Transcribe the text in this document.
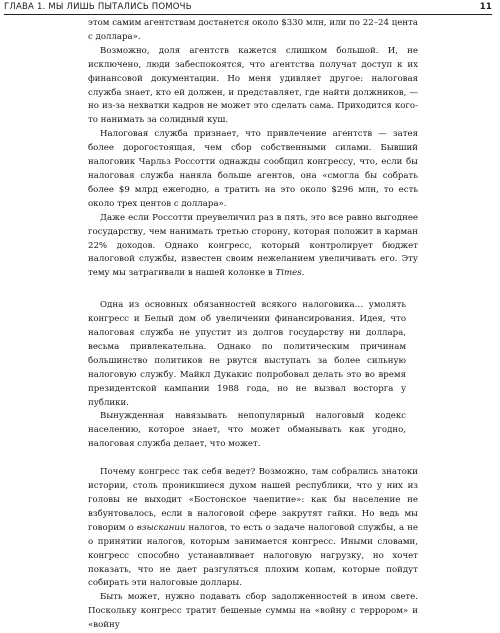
ГЛАВА 1. МЫ ЛИШЬ ПЫТАЛИСЬ ПОМОЧЬ	11

этом самим агентствам достанется около $330 млн, или по 22–24 цента с доллара».

Возможно, доля агентств кажется слишком большой. И, не исключено, люди забеспокоятся, что агентства получат доступ к их финансовой документации. Но меня удивляет другое: налоговая служба знает, кто ей должен, и представляет, где найти должников, — но из-за нехватки кадров не может это сделать сама. Приходится кого-то нанимать за солидный куш.

Налоговая служба признает, что привлечение агентств — затея более дорогостоящая, чем сбор собственными силами. Бывший налоговик Чарльз Россотти однажды сообщил конгрессу, что, если бы налоговая служба наняла больше агентов, она «смогла бы собрать более $9 млрд ежегодно, а тратить на это около $296 млн, то есть около трех центов с доллара».

Даже если Россотти преувеличил раз в пять, это все равно выгоднее государству, чем нанимать третью сторону, которая положит в карман 22% доходов. Однако конгресс, который контролирует бюджет налоговой службы, известен своим нежеланием увеличивать его. Эту тему мы затрагивали в нашей колонке в Times.

Одна из основных обязанностей всякого налоговика… умолять конгресс и Белый дом об увеличении финансирования. Идея, что налоговая служба не упустит из долгов государству ни доллара, весьма привлекательна. Однако по политическим причинам большинство политиков не рвутся выступать за более сильную налоговую службу. Майкл Дукакис попробовал делать это во время президентской кампании 1988 года, но не вызвал восторга у публики.

Вынужденная навязывать непопулярный налоговый кодекс населению, которое знает, что может обманывать как угодно, налоговая служба делает, что может.

Почему конгресс так себя ведет? Возможно, там собрались знатоки истории, столь проникшиеся духом нашей республики, что у них из головы не выходит «Бостонское чаепитие»: как бы население не взбунтовалось, если в налоговой сфере закрутят гайки. Но ведь мы говорим о взыскании налогов, то есть о задаче налоговой службы, а не о принятии налогов, которым занимается конгресс. Иными словами, конгресс способно устанавливает налоговую нагрузку, но хочет показать, что не дает разгуляться плохим копам, которые пойдут собирать эти налоговые доллары.

Быть может, нужно подавать сбор задолженностей в ином свете. Поскольку конгресс тратит бешеные суммы на «войну с террором» и «войну
